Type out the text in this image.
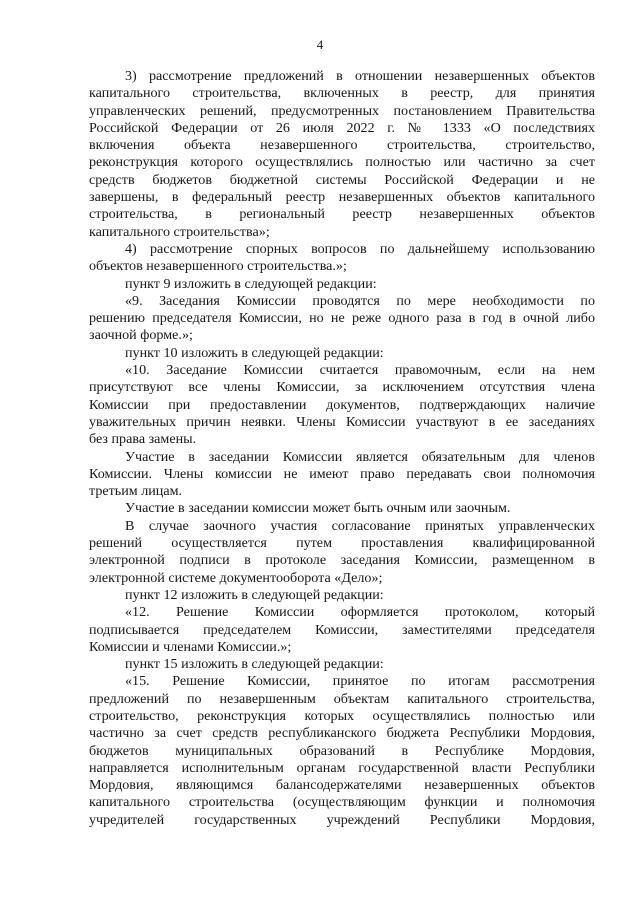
4
3) рассмотрение предложений в отношении незавершенных объектов
капитального строительства, включенных в реестр, для принятия
управленческих решений, предусмотренных постановлением Правительства
Российской Федерации от 26 июля 2022 г. № 1333 «О последствиях
включения объекта незавершенного строительства, строительство,
реконструкция которого осуществлялись полностью или частично за счет
средств бюджетов бюджетной системы Российской Федерации и не
завершены, в федеральный реестр незавершенных объектов капитального
строительства, в региональный реестр незавершенных объектов
капитального строительства»;
4) рассмотрение спорных вопросов по дальнейшему использованию
объектов незавершенного строительства.»;
пункт 9 изложить в следующей редакции:
«9. Заседания Комиссии проводятся по мере необходимости по
решению председателя Комиссии, но не реже одного раза в год в очной либо
заочной форме.»;
пункт 10 изложить в следующей редакции:
«10. Заседание Комиссии считается правомочным, если на нем
присутствуют все члены Комиссии, за исключением отсутствия члена
Комиссии при предоставлении документов, подтверждающих наличие
уважительных причин неявки. Члены Комиссии участвуют в ее заседаниях
без права замены.
Участие в заседании Комиссии является обязательным для членов
Комиссии. Члены комиссии не имеют право передавать свои полномочия
третьим лицам.
Участие в заседании комиссии может быть очным или заочным.
В случае заочного участия согласование принятых управленческих
решений осуществляется путем проставления квалифицированной
электронной подписи в протоколе заседания Комиссии, размещенном в
электронной системе документооборота «Дело»;
пункт 12 изложить в следующей редакции:
«12. Решение Комиссии оформляется протоколом, который
подписывается председателем Комиссии, заместителями председателя
Комиссии и членами Комиссии.»;
пункт 15 изложить в следующей редакции:
«15. Решение Комиссии, принятое по итогам рассмотрения
предложений по незавершенным объектам капитального строительства,
строительство, реконструкция которых осуществлялись полностью или
частично за счет средств республиканского бюджета Республики Мордовия,
бюджетов муниципальных образований в Республике Мордовия,
направляется исполнительным органам государственной власти Республики
Мордовия, являющимся балансодержателями незавершенных объектов
капитального строительства (осуществляющим функции и полномочия
учредителей государственных учреждений Республики Мордовия,
